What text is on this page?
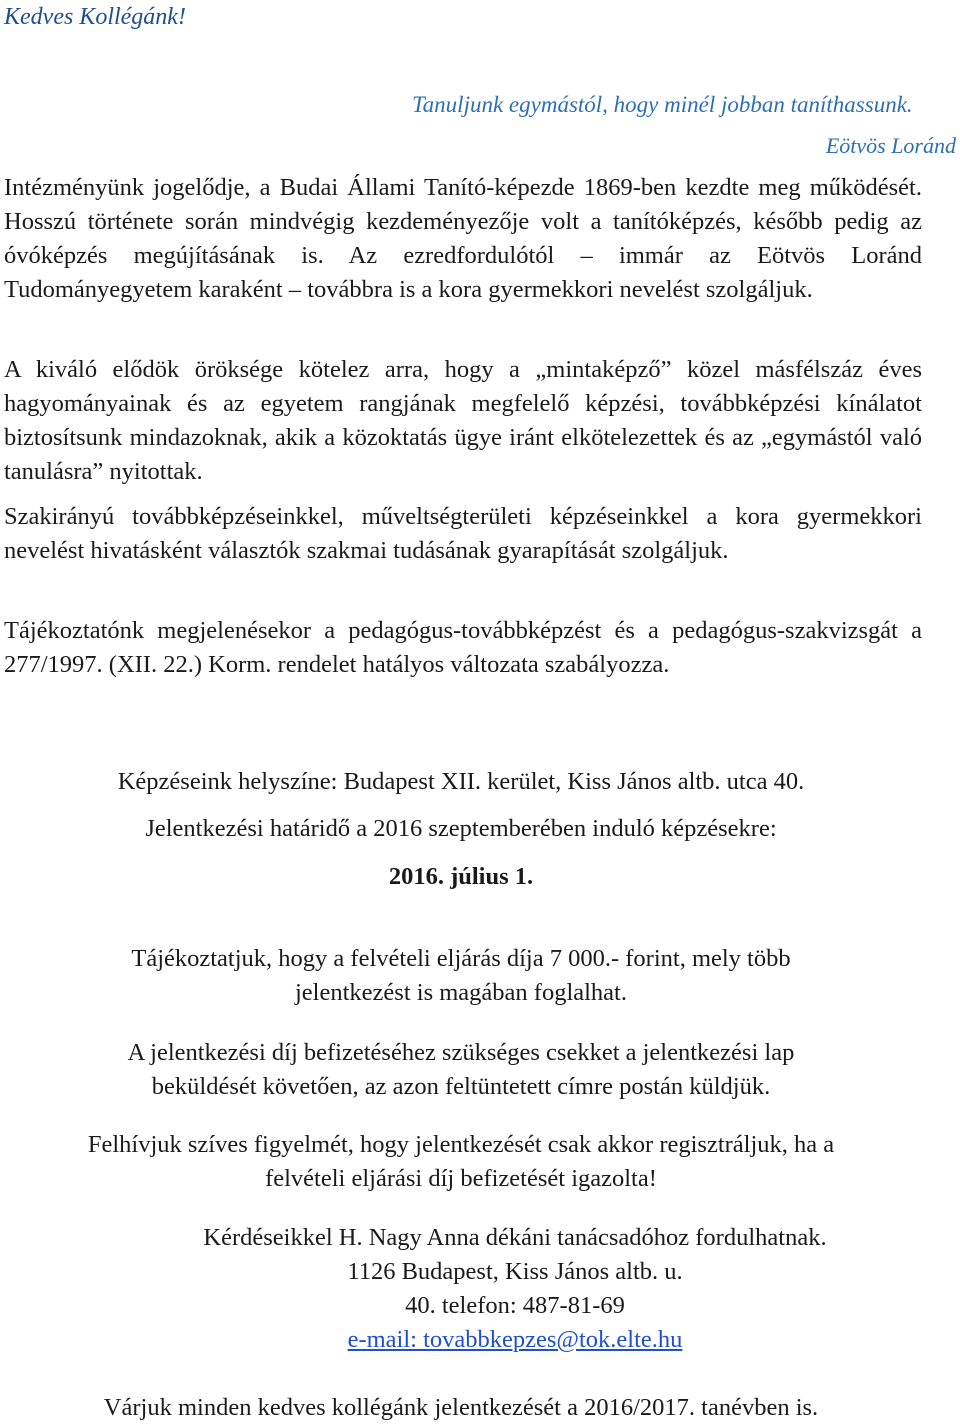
Kedves Kollégánk!

Tanuljunk egymástól, hogy minél jobban taníthassunk.

Eötvös Loránd

Intézményünk jogelődje, a Budai Állami Tanító-képezde 1869-ben kezdte meg működését. Hosszú története során mindvégig kezdeményezője volt a tanítóképzés, később pedig az óvóképzés megújításának is. Az ezredfordulótól – immár az Eötvös Loránd Tudományegyetem karaként – továbbra is a kora gyermekkori nevelést szolgáljuk.

A kiváló elődök öröksége kötelez arra, hogy a „mintaképző” közel másfélszáz éves hagyományainak és az egyetem rangjának megfelelő képzési, továbbképzési kínálatot biztosítsunk mindazoknak, akik a közoktatás ügye iránt elkötelezettek és az „egymástól való tanulásra” nyitottak.

Szakirányú továbbképzéseinkkel, műveltségterületi képzéseinkkel a kora gyermekkori nevelést hivatásként választók szakmai tudásának gyarapítását szolgáljuk.

Tájékoztatónk megjelenésekor a pedagógus-továbbképzést és a pedagógus-szakvizsgát a 277/1997. (XII. 22.) Korm. rendelet hatályos változata szabályozza.

Képzéseink helyszíne: Budapest XII. kerület, Kiss János altb. utca 40.

Jelentkezési határidő a 2016 szeptemberében induló képzésekre:

2016. július 1.

Tájékoztatjuk, hogy a felvételi eljárás díja 7 000.- forint, mely több
jelentkezést is magában foglalhat.
A jelentkezési díj befizetéséhez szükséges csekket a jelentkezési lap
beküldését követően, az azon feltüntetett címre postán küldjük.
Felhívjuk szíves figyelmét, hogy jelentkezését csak akkor regisztráljuk, ha a
felvételi eljárási díj befizetését igazolta!
Kérdéseikkel H. Nagy Anna dékáni tanácsadóhoz fordulhatnak.
1126 Budapest, Kiss János altb. u.
40. telefon: 487-81-69
e-mail: tovabbkepzes@tok.elte.hu

Várjuk minden kedves kollégánk jelentkezését a 2016/2017. tanévben is.
